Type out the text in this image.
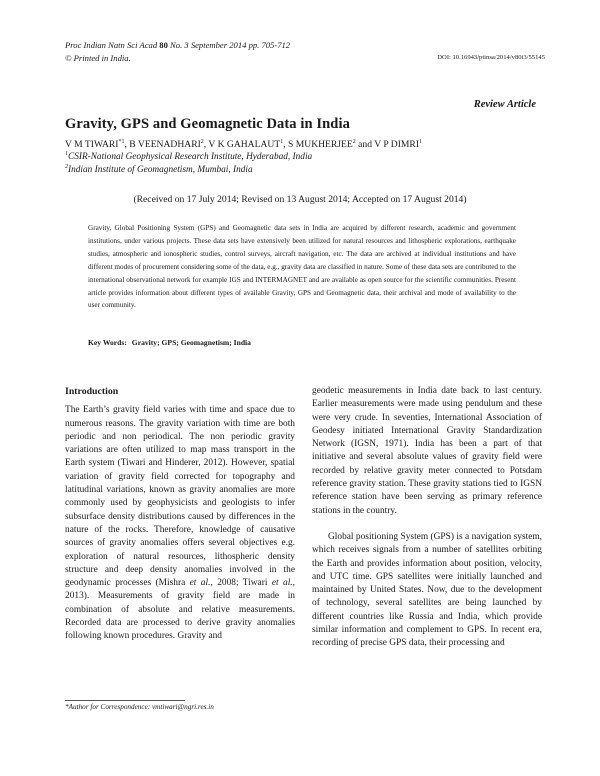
Proc Indian Natn Sci Acad 80 No. 3 September 2014 pp. 705-712
© Printed in India.	DOI: 10.16943/ptinsa/2014/v80i3/55145
Review Article
Gravity, GPS and Geomagnetic Data in India
V M TIWARI$^{*1}$, B VEENADHARI$^2$, V K GAHALAUT$^1$, S MUKHERJEE$^2$ and V P DIMRI$^1$
$^1$CSIR-National Geophysical Research Institute, Hyderabad, India
$^2$Indian Institute of Geomagnetism, Mumbai, India
(Received on 17 July 2014; Revised on 13 August 2014; Accepted on 17 August 2014)
Gravity, Global Positioning System (GPS) and Geomagnetic data sets in India are acquired by different research, academic and government institutions, under various projects. These data sets have extensively been utilized for natural resources and lithospheric explorations, earthquake studies, atmospheric and ionospheric studies, control surveys, aircraft navigation, etc. The data are archived at individual institutions and have different modes of procurement considering some of the data, e.g., gravity data are classified in nature. Some of these data sets are contributed to the international observational network for example IGS and INTERMAGNET and are available as open source for the scientific communities. Present article provides information about different types of available Gravity, GPS and Geomagnetic data, their archival and mode of availability to the user community.
Key Words: Gravity; GPS; Geomagnetism; India
Introduction

The Earth’s gravity field varies with time and space due to numerous reasons. The gravity variation with time are both periodic and non periodical. The non periodic gravity variations are often utilized to map mass transport in the Earth system (Tiwari and Hinderer, 2012). However, spatial variation of gravity field corrected for topography and latitudinal variations, known as gravity anomalies are more commonly used by geophysicists and geologists to infer subsurface density distributions caused by differences in the nature of the rocks. Therefore, knowledge of causative sources of gravity anomalies offers several objectives e.g. exploration of natural resources, lithospheric density structure and deep density anomalies involved in the geodynamic processes (Mishra et al., 2008; Tiwari et al., 2013). Measurements of gravity field are made in combination of absolute and relative measurements. Recorded data are processed to derive gravity anomalies following known procedures. Gravity and

geodetic measurements in India date back to last century. Earlier measurements were made using pendulum and these were very crude. In seventies, International Association of Geodesy initiated International Gravity Standardization Network (IGSN, 1971). India has been a part of that initiative and several absolute values of gravity field were recorded by relative gravity meter connected to Potsdam reference gravity station. These gravity stations tied to IGSN reference station have been serving as primary reference stations in the country.

Global positioning System (GPS) is a navigation system, which receives signals from a number of satellites orbiting the Earth and provides information about position, velocity, and UTC time. GPS satellites were initially launched and maintained by United States. Now, due to the development of technology, several satellites are being launched by different countries like Russia and India, which provide similar information and complement to GPS. In recent era, recording of precise GPS data, their processing and

*Author for Correspondence: vmtiwari@ngri.res.in
